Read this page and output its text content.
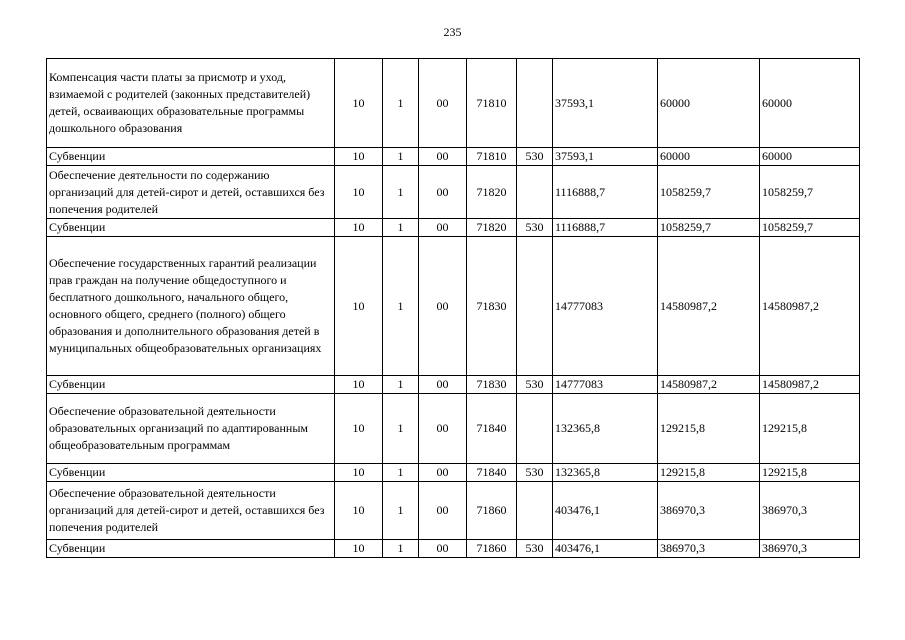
235
Компенсация части платы за присмотр и уход, взимаемой с родителей (законных представителей) детей, осваивающих образовательные программы дошкольного образования	10	1	00	71810		37593,1	60000	60000
Субвенции	10	1	00	71810	530	37593,1	60000	60000
Обеспечение деятельности по содержанию организаций для детей-сирот и детей, оставшихся без попечения родителей	10	1	00	71820		1116888,7	1058259,7	1058259,7
Субвенции	10	1	00	71820	530	1116888,7	1058259,7	1058259,7
Обеспечение государственных гарантий реализации прав граждан на получение общедоступного и бесплатного дошкольного, начального общего, основного общего, среднего (полного) общего образования и дополнительного образования детей в муниципальных общеобразовательных организациях	10	1	00	71830		14777083	14580987,2	14580987,2
Субвенции	10	1	00	71830	530	14777083	14580987,2	14580987,2
Обеспечение образовательной деятельности образовательных организаций по адаптированным общеобразовательным программам	10	1	00	71840		132365,8	129215,8	129215,8
Субвенции	10	1	00	71840	530	132365,8	129215,8	129215,8
Обеспечение образовательной деятельности организаций для детей-сирот и детей, оставшихся без попечения родителей	10	1	00	71860		403476,1	386970,3	386970,3
Субвенции	10	1	00	71860	530	403476,1	386970,3	386970,3
